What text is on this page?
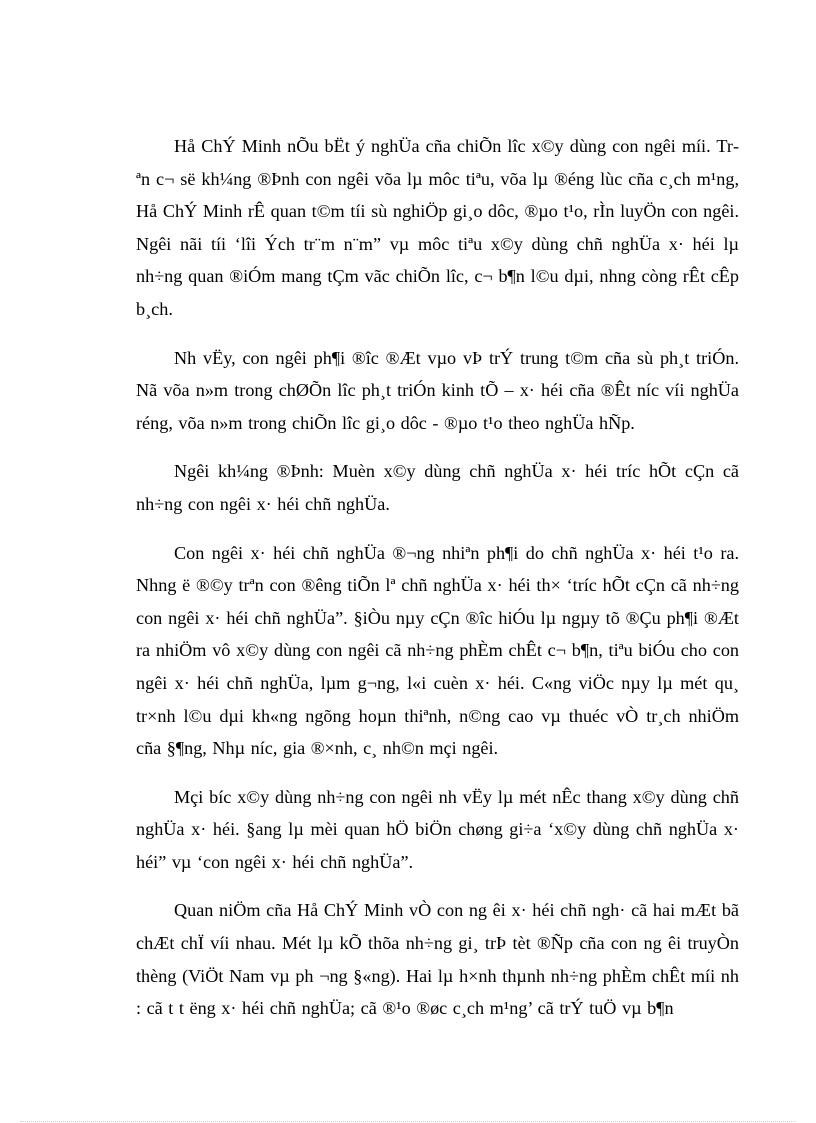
Hå ChÝ Minh nÕu bËt ý nghÜa cña chiÕn lîc x©y dùng con ngêi míi. Trªn c¬ së kh¼ng ®Þnh con ngêi võa lµ môc tiªu, võa lµ ®éng lùc cña c¸ch m¹ng, Hå ChÝ Minh rÊ quan t©m tíi sù nghiÖp gi¸o dôc, ®µo t¹o, rÌn luyÖn con ngêi. Ngêi nãi tíi ‘lîi Ých tr¨m n¨m” vµ môc tiªu x©y dùng chñ nghÜa x· héi lµ nh÷ng quan ®iÓm mang tÇm vãc chiÕn lîc, c¬ b¶n l©u dµi, nhng còng rÊt cÊp b¸ch.

Nh vËy, con ngêi ph¶i ®îc ®Æt vµo vÞ trÝ trung t©m cña sù ph¸t triÓn. Nã võa n»m trong chØÕn lîc ph¸t triÓn kinh tÕ – x· héi cña ®Êt níc víi nghÜa réng, võa n»m trong chiÕn lîc gi¸o dôc - ®µo t¹o theo nghÜa hÑp.

Ngêi kh¼ng ®Þnh: Muèn x©y dùng chñ nghÜa x· héi tríc hÕt cÇn cã nh÷ng con ngêi x· héi chñ nghÜa.

Con ngêi x· héi chñ nghÜa ®¬ng nhiªn ph¶i do chñ nghÜa x· héi t¹o ra. Nhng ë ®©y trªn con ®êng tiÕn lª chñ nghÜa x· héi th× ‘tríc hÕt cÇn cã nh÷ng con ngêi x· héi chñ nghÜa”. §iÒu nµy cÇn ®îc hiÓu lµ ngµy tõ ®Çu ph¶i ®Æt ra nhiÖm vô x©y dùng con ngêi cã nh÷ng phÈm chÊt c¬ b¶n, tiªu biÓu cho con ngêi x· héi chñ nghÜa, lµm g¬ng, l«i cuèn x· héi. C«ng viÖc nµy lµ mét qu¸ tr×nh l©u dµi kh«ng ngõng hoµn thiªnh, n©ng cao vµ thuéc vÒ tr¸ch nhiÖm cña §¶ng, Nhµ níc, gia ®×nh, c¸ nh©n mçi ngêi.

Mçi bíc x©y dùng nh÷ng con ngêi nh vËy lµ mét nÊc thang x©y dùng chñ nghÜa x· héi. §ang lµ mèi quan hÖ biÖn chøng gi÷a ‘x©y dùng chñ nghÜa x· héi” vµ ‘con ngêi x· héi chñ nghÜa”.

Quan niÖm cña Hå ChÝ Minh vÒ con ng êi x· héi chñ ngh· cã hai mÆt bã chÆt chÏ víi nhau. Mét lµ kÕ thõa nh÷ng gi¸ trÞ tèt ®Ñp cña con ng êi truyÒn thèng (ViÖt Nam vµ ph ¬ng §«ng). Hai lµ h×nh thµnh nh÷ng phÈm chÊt míi nh : cã t t ëng x· héi chñ nghÜa; cã ®¹o ®øc c¸ch m¹ng’ cã trÝ tuÖ vµ b¶n
